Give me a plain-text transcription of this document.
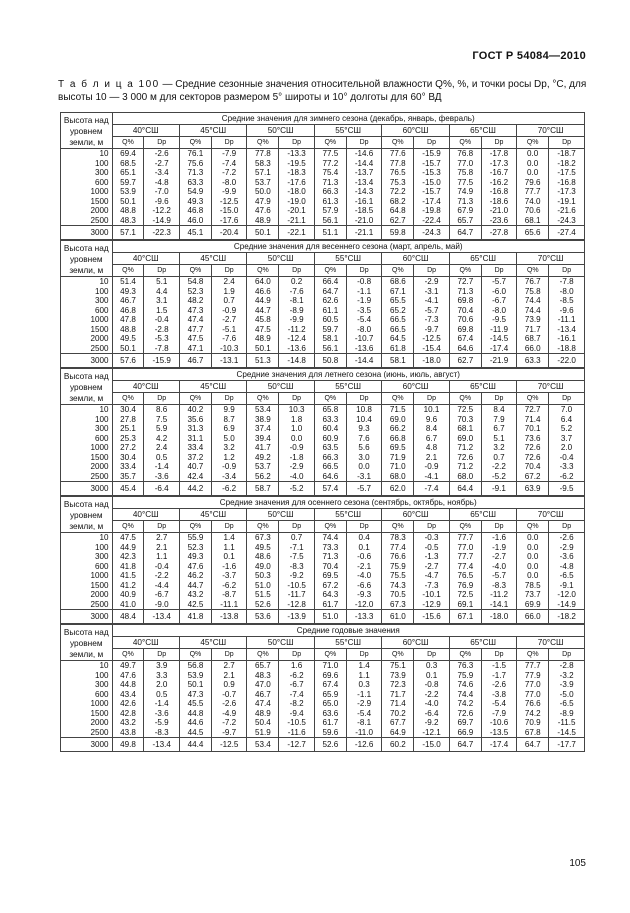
ГОСТ Р 54084—2010
Т а б л и ц а 100 — Средние сезонные значения относительной влажности Q%, %, и точки росы Dр, °С, для высоты 10 — 3 000 м для секторов размером 5° широты и 10° долготы для 60° ВД
Высота над уровнем земли, м	Средние значения для зимнего сезона (декабрь, январь, февраль)													
	40°СШ		45°СШ		50°СШ		55°СШ		60°СШ		65°СШ		70°СШ	
	Q%	Dр	Q%	Dр	Q%	Dр	Q%	Dр	Q%	Dр	Q%	Dр	Q%	Dр
10	69.4	-2.6	76.1	-7.9	77.8	-13.3	77.5	-14.6	77.6	-15.9	76.8	-17.8	0.0	-18.7
100	68.5	-2.7	75.6	-7.4	58.3	-19.5	77.2	-14.4	77.8	-15.7	77.0	-17.3	0.0	-18.2
300	65.1	-3.4	71.3	-7.2	57.1	-18.3	75.4	-13.7	76.5	-15.3	75.8	-16.7	0.0	-17.5
600	59.7	-4.8	63.3	-8.0	53.7	-17.6	71.3	-13.4	75.3	-15.0	77.5	-16.2	79.6	-16.8
1000	53.9	-7.0	54.9	-9.9	50.0	-18.0	66.3	-14.3	72.2	-15.7	74.9	-16.8	77.7	-17.3
1500	50.1	-9.6	49.3	-12.5	47.9	-19.0	61.3	-16.1	68.2	-17.4	71.3	-18.6	74.0	-19.1
2000	48.8	-12.2	46.8	-15.0	47.6	-20.1	57.9	-18.5	64.8	-19.8	67.9	-21.0	70.6	-21.6
2500	48.3	-14.9	46.0	-17.6	48.9	-21.1	56.1	-21.0	62.7	-22.4	65.7	-23.6	68.1	-24.3
3000	57.1	-22.3	45.1	-20.4	50.1	-22.1	51.1	-21.1	59.8	-24.3	64.7	-27.8	65.6	-27.4
Высота над уровнем земли, м	Средние значения для весеннего сезона (март, апрель, май)													
	40°СШ		45°СШ		50°СШ		55°СШ		60°СШ		65°СШ		70°СШ	
	Q%	Dр	Q%	Dр	Q%	Dр	Q%	Dр	Q%	Dр	Q%	Dр	Q%	Dр
10	51.4	5.1	54.8	2.4	64.0	0.2	66.4	-0.8	68.6	-2.9	72.7	-5.7	76.7	-7.8
100	49.3	4.4	52.3	1.9	46.6	-7.6	64.7	-1.1	67.1	-3.1	71.3	-6.0	75.8	-8.0
300	46.7	3.1	48.2	0.7	44.9	-8.1	62.6	-1.9	65.5	-4.1	69.8	-6.7	74.4	-8.5
600	46.8	1.5	47.3	-0.9	44.7	-8.9	61.1	-3.5	65.2	-5.7	70.4	-8.0	74.4	-9.6
1000	47.8	-0.4	47.4	-2.7	45.8	-9.9	60.5	-5.4	66.5	-7.3	70.6	-9.5	73.9	-11.1
1500	48.8	-2.8	47.7	-5.1	47.5	-11.2	59.7	-8.0	66.5	-9.7	69.8	-11.9	71.7	-13.4
2000	49.5	-5.3	47.5	-7.6	48.9	-12.4	58.1	-10.7	64.5	-12.5	67.4	-14.5	68.7	-16.1
2500	50.1	-7.8	47.1	-10.3	50.1	-13.6	56.1	-13.6	61.8	-15.4	64.6	-17.4	66.0	-18.8
3000	57.6	-15.9	46.7	-13.1	51.3	-14.8	50.8	-14.4	58.1	-18.0	62.7	-21.9	63.3	-22.0
Высота над уровнем земли, м	Средние значения для летнего сезона (июнь, июль, август)													
	40°СШ		45°СШ		50°СШ		55°СШ		60°СШ		65°СШ		70°СШ	
	Q%	Dр	Q%	Dр	Q%	Dр	Q%	Dр	Q%	Dр	Q%	Dр	Q%	Dр
10	30.4	8.6	40.2	9.9	53.4	10.3	65.8	10.8	71.5	10.1	72.5	8.4	72.7	7.0
100	27.8	7.5	35.6	8.7	38.9	1.8	63.3	10.4	69.0	9.6	70.3	7.9	71.4	6.4
300	25.1	5.9	31.3	6.9	37.4	1.0	60.4	9.3	66.2	8.4	68.1	6.7	70.1	5.2
600	25.3	4.2	31.1	5.0	39.4	0.0	60.9	7.6	66.8	6.7	69.0	5.1	73.6	3.7
1000	27.2	2.4	33.4	3.2	41.7	-0.9	63.5	5.6	69.5	4.8	71.2	3.2	72.6	2.0
1500	30.4	0.5	37.2	1.2	49.2	-1.8	66.3	3.0	71.9	2.1	72.6	0.7	72.6	-0.4
2000	33.4	-1.4	40.7	-0.9	53.7	-2.9	66.5	0.0	71.0	-0.9	71.2	-2.2	70.4	-3.3
2500	35.7	-3.6	42.4	-3.4	56.2	-4.0	64.6	-3.1	68.0	-4.1	68.0	-5.2	67.2	-6.2
3000	45.4	-6.4	44.2	-6.2	58.7	-5.2	57.4	-5.7	62.0	-7.4	64.4	-9.1	63.9	-9.5
Высота над уровнем земли, м	Средние значения для осеннего сезона (сентябрь, октябрь, ноябрь)													
	40°СШ		45°СШ		50°СШ		55°СШ		60°СШ		65°СШ		70°СШ	
	Q%	Dр	Q%	Dр	Q%	Dр	Q%	Dр	Q%	Dр	Q%	Dр	Q%	Dр
10	47.5	2.7	55.9	1.4	67.3	0.7	74.4	0.4	78.3	-0.3	77.7	-1.6	0.0	-2.6
100	44.9	2.1	52.3	1.1	49.5	-7.1	73.3	0.1	77.4	-0.5	77.0	-1.9	0.0	-2.9
300	42.3	1.1	49.3	0.1	48.6	-7.5	71.3	-0.6	76.6	-1.3	77.7	-2.7	0.0	-3.6
600	41.8	-0.4	47.6	-1.6	49.0	-8.3	70.4	-2.1	75.9	-2.7	77.4	-4.0	0.0	-4.8
1000	41.5	-2.2	46.2	-3.7	50.3	-9.2	69.5	-4.0	75.5	-4.7	76.5	-5.7	0.0	-6.5
1500	41.2	-4.4	44.7	-6.2	51.0	-10.5	67.2	-6.6	74.3	-7.3	76.9	-8.3	78.5	-9.1
2000	40.9	-6.7	43.2	-8.7	51.5	-11.7	64.3	-9.3	70.5	-10.1	72.5	-11.2	73.7	-12.0
2500	41.0	-9.0	42.5	-11.1	52.6	-12.8	61.7	-12.0	67.3	-12.9	69.1	-14.1	69.9	-14.9
3000	48.4	-13.4	41.8	-13.8	53.6	-13.9	51.0	-13.3	61.0	-15.6	67.1	-18.0	66.0	-18.2
Высота над уровнем земли, м	Средние годовые значения													
	40°СШ		45°СШ		50°СШ		55°СШ		60°СШ		65°СШ		70°СШ	
	Q%	Dр	Q%	Dр	Q%	Dр	Q%	Dр	Q%	Dр	Q%	Dр	Q%	Dр
10	49.7	3.9	56.8	2.7	65.7	1.6	71.0	1.4	75.1	0.3	76.3	-1.5	77.7	-2.8
100	47.6	3.3	53.9	2.1	48.3	-6.2	69.6	1.1	73.9	0.1	75.9	-1.7	77.9	-3.2
300	44.8	2.0	50.1	0.9	47.0	-6.7	67.4	0.3	72.3	-0.8	74.6	-2.6	77.0	-3.9
600	43.4	0.5	47.3	-0.7	46.7	-7.4	65.9	-1.1	71.7	-2.2	74.4	-3.8	77.0	-5.0
1000	42.6	-1.4	45.5	-2.6	47.4	-8.2	65.0	-2.9	71.4	-4.0	74.2	-5.4	76.6	-6.5
1500	42.8	-3.6	44.8	-4.9	48.9	-9.4	63.6	-5.4	70.2	-6.4	72.6	-7.9	74.2	-8.9
2000	43.2	-5.9	44.6	-7.2	50.4	-10.5	61.7	-8.1	67.7	-9.2	69.7	-10.6	70.9	-11.5
2500	43.8	-8.3	44.5	-9.7	51.9	-11.6	59.6	-11.0	64.9	-12.1	66.9	-13.5	67.8	-14.5
3000	49.8	-13.4	44.4	-12.5	53.4	-12.7	52.6	-12.6	60.2	-15.0	64.7	-17.4	64.7	-17.7
105
